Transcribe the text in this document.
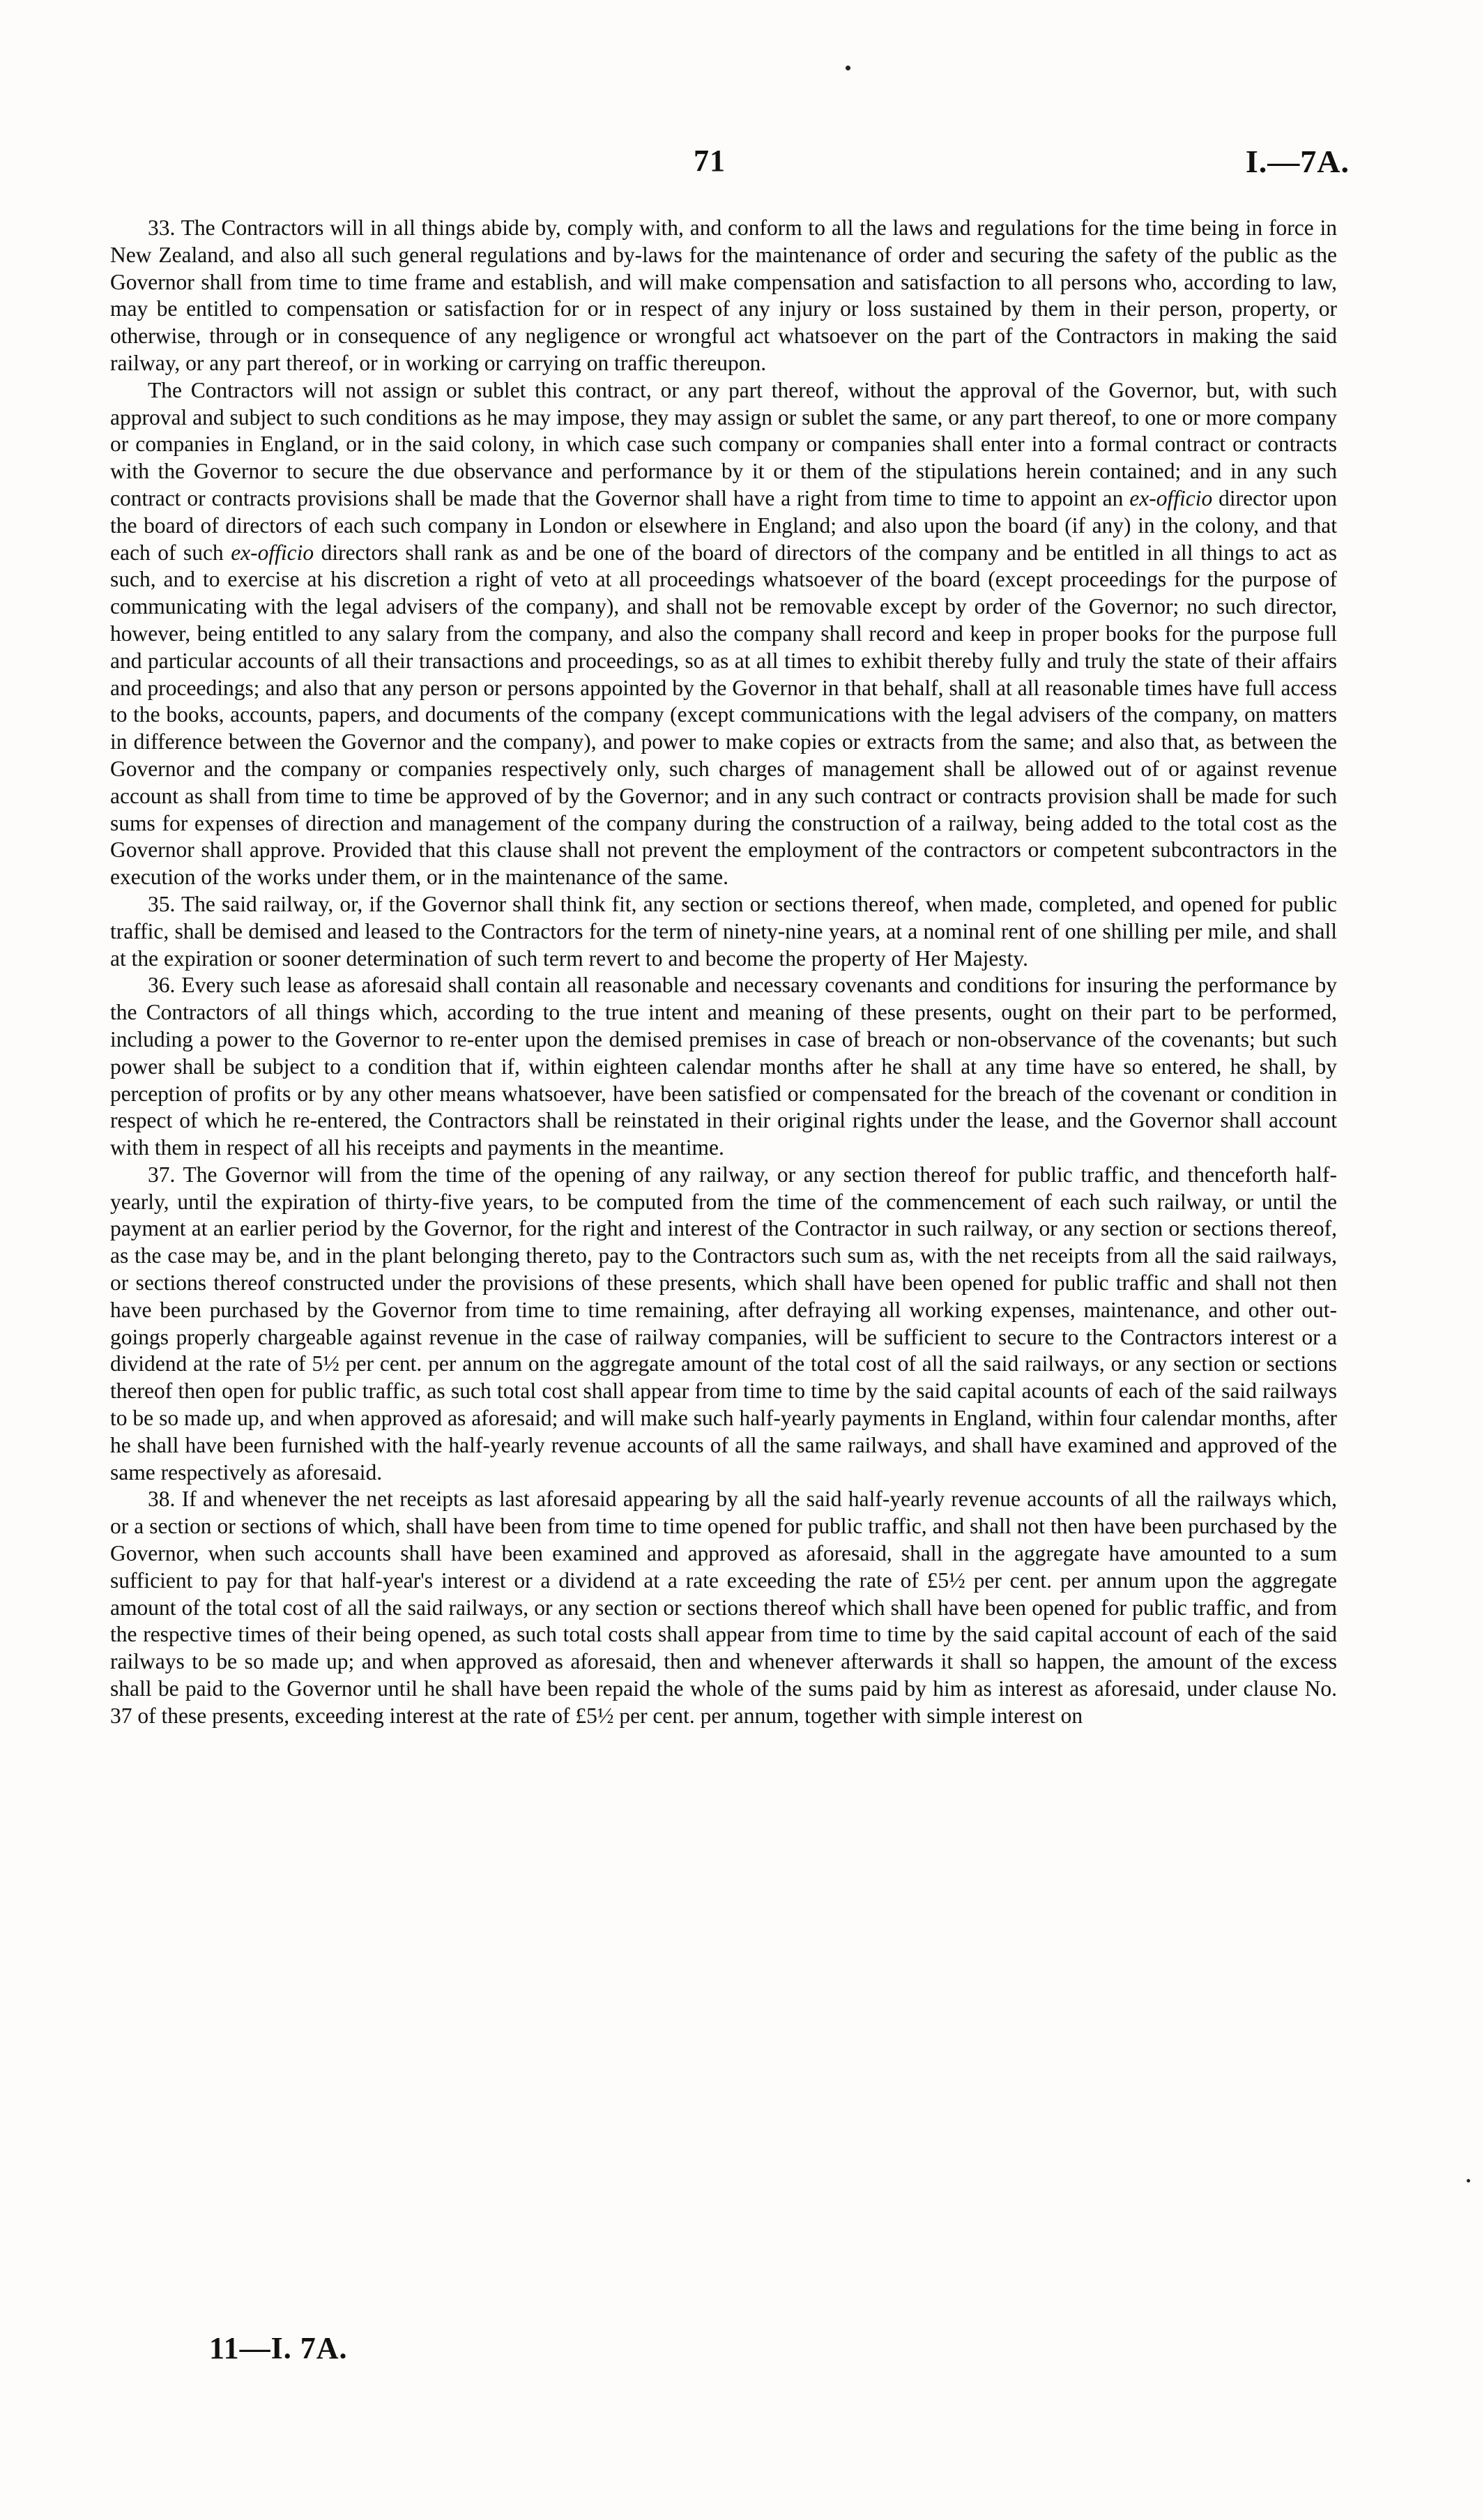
71	I.—7A.

33. The Contractors will in all things abide by, comply with, and conform to all the laws and regulations for the time being in force in New Zealand, and also all such general regulations and by-laws for the maintenance of order and securing the safety of the public as the Governor shall from time to time frame and establish, and will make compensation and satisfaction to all persons who, according to law, may be entitled to compensation or satisfaction for or in respect of any injury or loss sustained by them in their person, property, or otherwise, through or in consequence of any negligence or wrongful act whatsoever on the part of the Contractors in making the said railway, or any part thereof, or in working or carrying on traffic thereupon.

The Contractors will not assign or sublet this contract, or any part thereof, without the approval of the Governor, but, with such approval and subject to such conditions as he may impose, they may assign or sublet the same, or any part thereof, to one or more company or companies in England, or in the said colony, in which case such company or companies shall enter into a formal contract or contracts with the Governor to secure the due observance and performance by it or them of the stipulations herein contained; and in any such contract or contracts provisions shall be made that the Governor shall have a right from time to time to appoint an ex-officio director upon the board of directors of each such company in London or elsewhere in England; and also upon the board (if any) in the colony, and that each of such ex-officio directors shall rank as and be one of the board of directors of the company and be entitled in all things to act as such, and to exercise at his discretion a right of veto at all proceedings whatsoever of the board (except proceedings for the purpose of communicating with the legal advisers of the company), and shall not be removable except by order of the Governor; no such director, however, being entitled to any salary from the company, and also the company shall record and keep in proper books for the purpose full and particular accounts of all their transactions and proceedings, so as at all times to exhibit thereby fully and truly the state of their affairs and proceedings; and also that any person or persons appointed by the Governor in that behalf, shall at all reasonable times have full access to the books, accounts, papers, and documents of the company (except communications with the legal advisers of the company, on matters in difference between the Governor and the company), and power to make copies or extracts from the same; and also that, as between the Governor and the company or companies respectively only, such charges of management shall be allowed out of or against revenue account as shall from time to time be approved of by the Governor; and in any such contract or contracts provision shall be made for such sums for expenses of direction and management of the company during the construction of a railway, being added to the total cost as the Governor shall approve. Provided that this clause shall not prevent the employment of the contractors or competent subcontractors in the execution of the works under them, or in the maintenance of the same.

35. The said railway, or, if the Governor shall think fit, any section or sections thereof, when made, completed, and opened for public traffic, shall be demised and leased to the Contractors for the term of ninety-nine years, at a nominal rent of one shilling per mile, and shall at the expiration or sooner determination of such term revert to and become the property of Her Majesty.

36. Every such lease as aforesaid shall contain all reasonable and necessary covenants and conditions for insuring the performance by the Contractors of all things which, according to the true intent and meaning of these presents, ought on their part to be performed, including a power to the Governor to re-enter upon the demised premises in case of breach or non-observance of the covenants; but such power shall be subject to a condition that if, within eighteen calendar months after he shall at any time have so entered, he shall, by perception of profits or by any other means whatsoever, have been satisfied or compensated for the breach of the covenant or condition in respect of which he re-entered, the Contractors shall be reinstated in their original rights under the lease, and the Governor shall account with them in respect of all his receipts and payments in the meantime.

37. The Governor will from the time of the opening of any railway, or any section thereof for public traffic, and thenceforth half-yearly, until the expiration of thirty-five years, to be computed from the time of the commencement of each such railway, or until the payment at an earlier period by the Governor, for the right and interest of the Contractor in such railway, or any section or sections thereof, as the case may be, and in the plant belonging thereto, pay to the Contractors such sum as, with the net receipts from all the said railways, or sections thereof constructed under the provisions of these presents, which shall have been opened for public traffic and shall not then have been purchased by the Governor from time to time remaining, after defraying all working expenses, maintenance, and other out-goings properly chargeable against revenue in the case of railway companies, will be sufficient to secure to the Contractors interest or a dividend at the rate of 5½ per cent. per annum on the aggregate amount of the total cost of all the said railways, or any section or sections thereof then open for public traffic, as such total cost shall appear from time to time by the said capital acounts of each of the said railways to be so made up, and when approved as aforesaid; and will make such half-yearly payments in England, within four calendar months, after he shall have been furnished with the half-yearly revenue accounts of all the same railways, and shall have examined and approved of the same respectively as aforesaid.

38. If and whenever the net receipts as last aforesaid appearing by all the said half-yearly revenue accounts of all the railways which, or a section or sections of which, shall have been from time to time opened for public traffic, and shall not then have been purchased by the Governor, when such accounts shall have been examined and approved as aforesaid, shall in the aggregate have amounted to a sum sufficient to pay for that half-year's interest or a dividend at a rate exceeding the rate of £5½ per cent. per annum upon the aggregate amount of the total cost of all the said railways, or any section or sections thereof which shall have been opened for public traffic, and from the respective times of their being opened, as such total costs shall appear from time to time by the said capital account of each of the said railways to be so made up; and when approved as aforesaid, then and whenever afterwards it shall so happen, the amount of the excess shall be paid to the Governor until he shall have been repaid the whole of the sums paid by him as interest as aforesaid, under clause No. 37 of these presents, exceeding interest at the rate of £5½ per cent. per annum, together with simple interest on

11—I. 7A.
